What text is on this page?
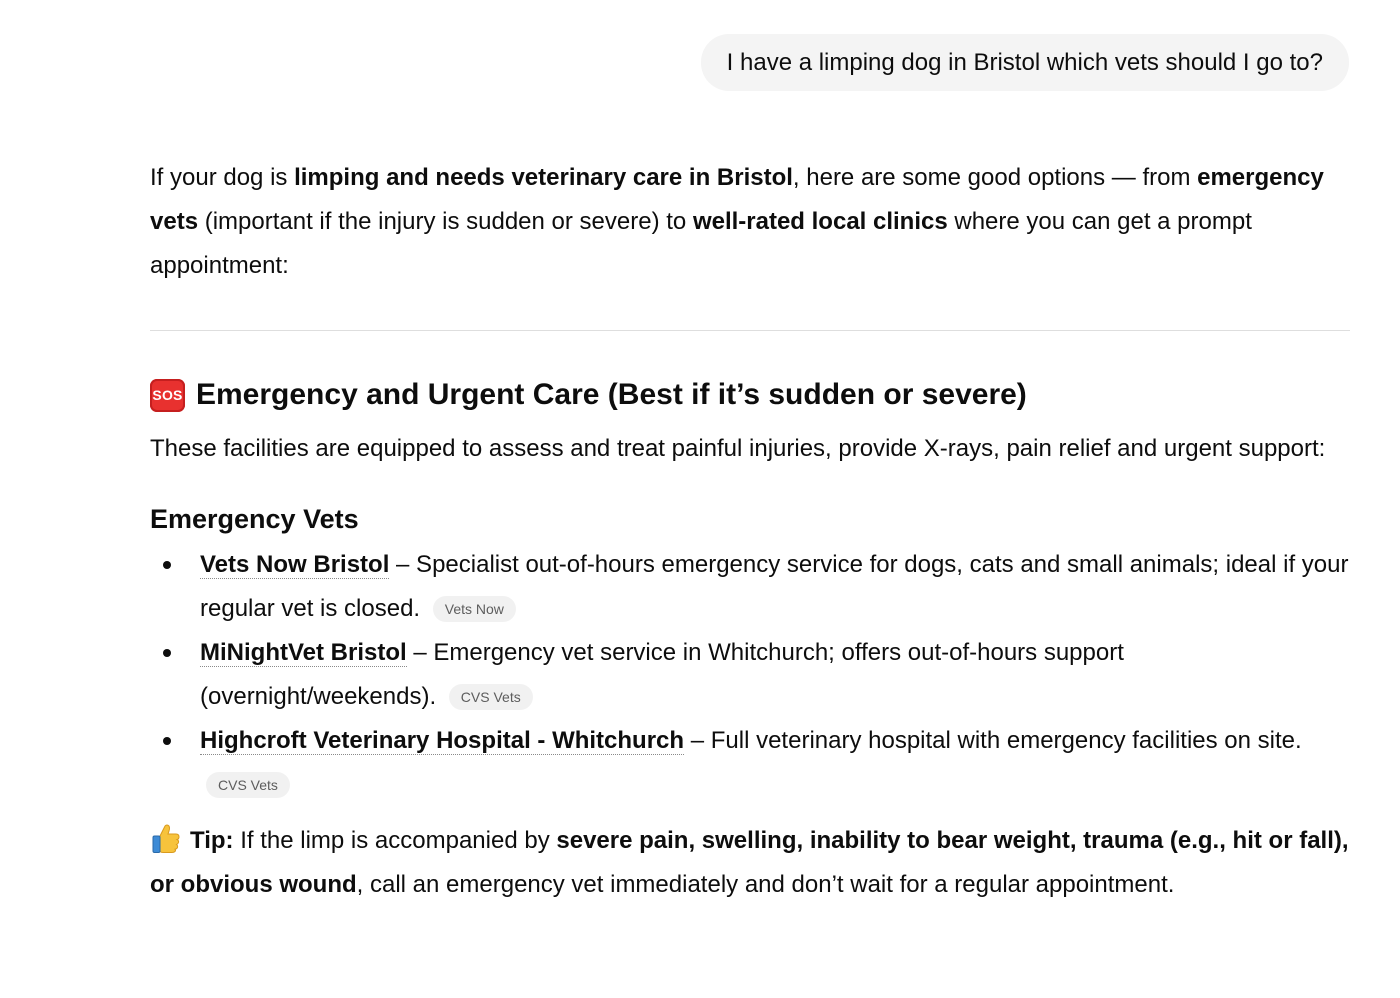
I have a limping dog in Bristol which vets should I go to?

If your dog is limping and needs veterinary care in Bristol, here are some good options — from emergency vets (important if the injury is sudden or severe) to well-rated local clinics where you can get a prompt appointment:

SOS Emergency and Urgent Care (Best if it’s sudden or severe)

These facilities are equipped to assess and treat painful injuries, provide X-rays, pain relief and urgent support:

Emergency Vets
Vets Now Bristol – Specialist out-of-hours emergency service for dogs, cats and small animals; ideal if your regular vet is closed. Vets Now
MiNightVet Bristol – Emergency vet service in Whitchurch; offers out-of-hours support (overnight/weekends). CVS Vets
Highcroft Veterinary Hospital - Whitchurch – Full veterinary hospital with emergency facilities on site. CVS Vets

Tip: If the limp is accompanied by severe pain, swelling, inability to bear weight, trauma (e.g., hit or fall), or obvious wound, call an emergency vet immediately and don’t wait for a regular appointment.
